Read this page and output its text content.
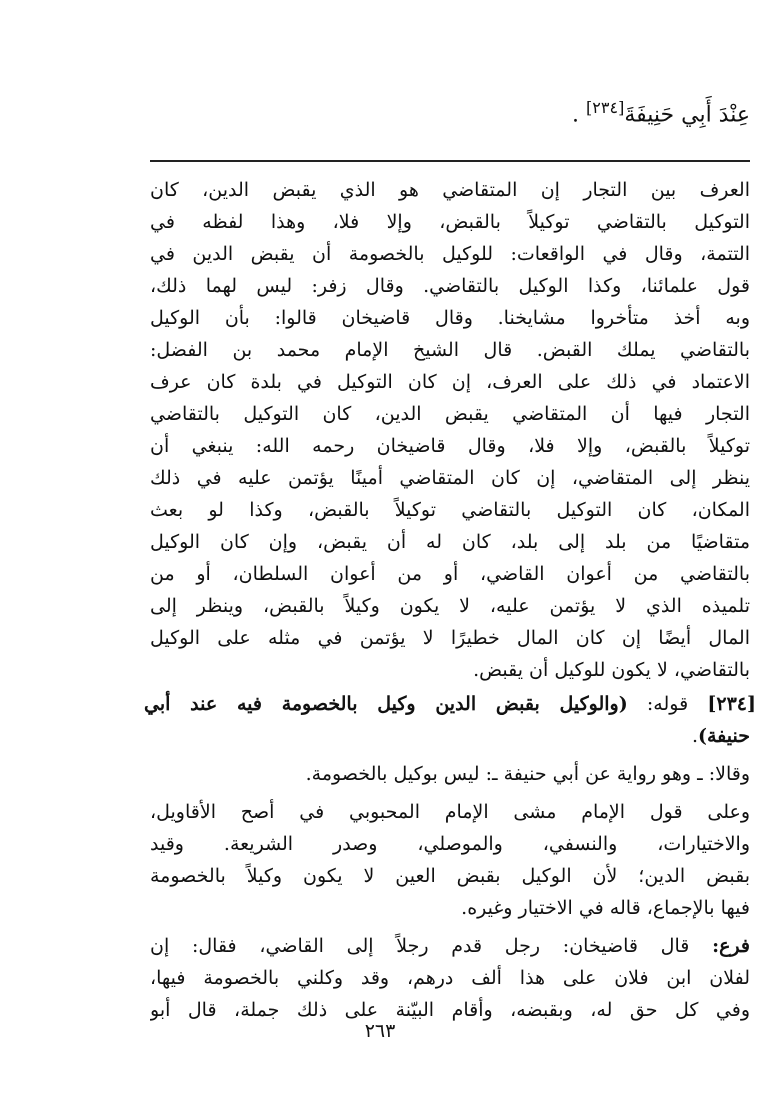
عِنْدَ أَبِي حَنِيفَةَ[٢٣٤] .
العرف بين التجار إن المتقاضي هو الذي يقبض الدين، كان
التوكيل بالتقاضي توكيلاً بالقبض، وإلا فلا، وهذا لفظه في
التتمة، وقال في الواقعات: للوكيل بالخصومة أن يقبض الدين في
قول علمائنا، وكذا الوكيل بالتقاضي. وقال زفر: ليس لهما ذلك،
وبه أخذ متأخروا مشايخنا. وقال قاضيخان قالوا: بأن الوكيل
بالتقاضي يملك القبض. قال الشيخ الإمام محمد بن الفضل:
الاعتماد في ذلك على العرف، إن كان التوكيل في بلدة كان عرف
التجار فيها أن المتقاضي يقبض الدين، كان التوكيل بالتقاضي
توكيلاً بالقبض، وإلا فلا، وقال قاضيخان رحمه الله: ينبغي أن
ينظر إلى المتقاضي، إن كان المتقاضي أمينًا يؤتمن عليه في ذلك
المكان، كان التوكيل بالتقاضي توكيلاً بالقبض، وكذا لو بعث
متقاضيًا من بلد إلى بلد، كان له أن يقبض، وإن كان الوكيل
بالتقاضي من أعوان القاضي، أو من أعوان السلطان، أو من
تلميذه الذي لا يؤتمن عليه، لا يكون وكيلاً بالقبض، وينظر إلى
المال أيضًا إن كان المال خطيرًا لا يؤتمن في مثله على الوكيل
بالتقاضي، لا يكون للوكيل أن يقبض.
[٢٣٤] قوله: (والوكيل بقبض الدين وكيل بالخصومة فيه عند أبي
حنيفة).
وقالا: ـ وهو رواية عن أبي حنيفة ـ: ليس بوكيل بالخصومة.
وعلى قول الإمام مشى الإمام المحبوبي في أصح الأقاويل،
والاختيارات، والنسفي، والموصلي، وصدر الشريعة. وقيد
بقبض الدين؛ لأن الوكيل بقبض العين لا يكون وكيلاً بالخصومة
فيها بالإجماع، قاله في الاختيار وغيره.
فرع: قال قاضيخان: رجل قدم رجلاً إلى القاضي، فقال: إن
لفلان ابن فلان على هذا ألف درهم، وقد وكلني بالخصومة فيها،
وفي كل حق له، وبقبضه، وأقام البيّنة على ذلك جملة، قال أبو
٢٦٣
